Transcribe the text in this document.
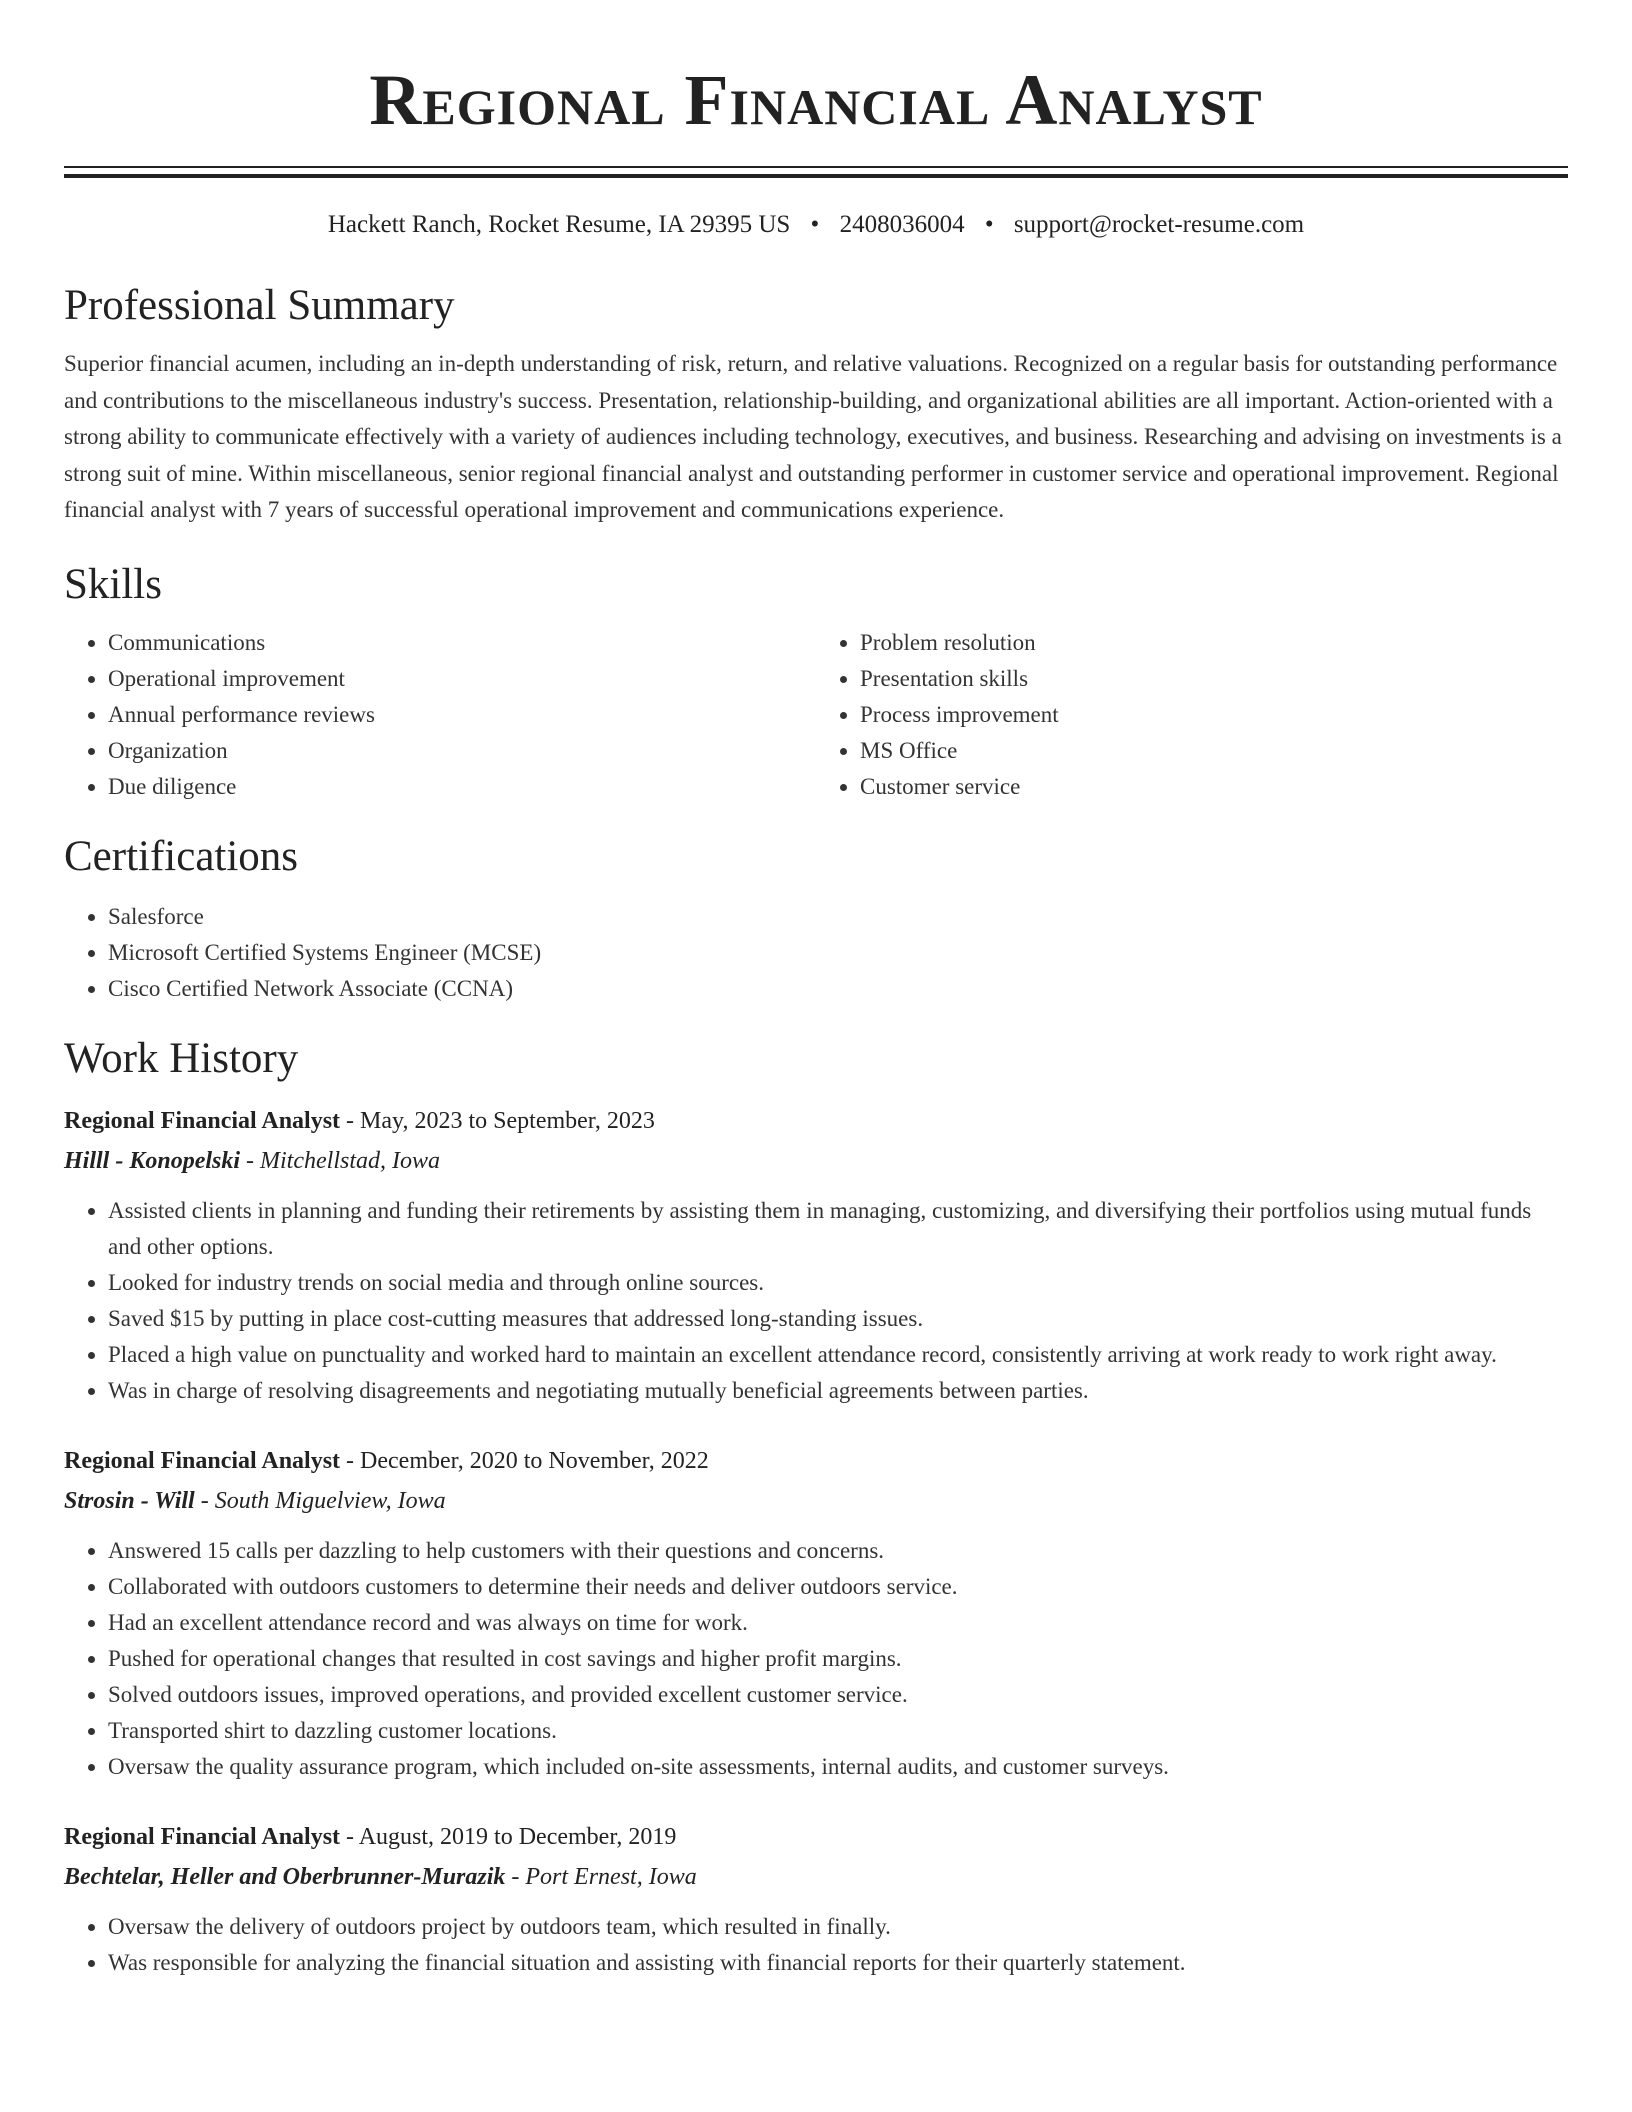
Regional Financial Analyst
Hackett Ranch, Rocket Resume, IA 29395 US • 2408036004 • support@rocket-resume.com
Professional Summary

Superior financial acumen, including an in-depth understanding of risk, return, and relative valuations. Recognized on a regular basis for outstanding performance and contributions to the miscellaneous industry's success. Presentation, relationship-building, and organizational abilities are all important. Action-oriented with a strong ability to communicate effectively with a variety of audiences including technology, executives, and business. Researching and advising on investments is a strong suit of mine. Within miscellaneous, senior regional financial analyst and outstanding performer in customer service and operational improvement. Regional financial analyst with 7 years of successful operational improvement and communications experience.

Skills
• Communications
• Operational improvement
• Annual performance reviews
• Organization
• Due diligence
• Problem resolution
• Presentation skills
• Process improvement
• MS Office
• Customer service
Certifications
• Salesforce
• Microsoft Certified Systems Engineer (MCSE)
• Cisco Certified Network Associate (CCNA)
Work History
Regional Financial Analyst - May, 2023 to September, 2023
Hilll - Konopelski - Mitchellstad, Iowa
• Assisted clients in planning and funding their retirements by assisting them in managing, customizing, and diversifying their portfolios using mutual funds and other options.
• Looked for industry trends on social media and through online sources.
• Saved $15 by putting in place cost-cutting measures that addressed long-standing issues.
• Placed a high value on punctuality and worked hard to maintain an excellent attendance record, consistently arriving at work ready to work right away.
• Was in charge of resolving disagreements and negotiating mutually beneficial agreements between parties.
Regional Financial Analyst - December, 2020 to November, 2022
Strosin - Will - South Miguelview, Iowa
• Answered 15 calls per dazzling to help customers with their questions and concerns.
• Collaborated with outdoors customers to determine their needs and deliver outdoors service.
• Had an excellent attendance record and was always on time for work.
• Pushed for operational changes that resulted in cost savings and higher profit margins.
• Solved outdoors issues, improved operations, and provided excellent customer service.
• Transported shirt to dazzling customer locations.
• Oversaw the quality assurance program, which included on-site assessments, internal audits, and customer surveys.
Regional Financial Analyst - August, 2019 to December, 2019
Bechtelar, Heller and Oberbrunner-Murazik - Port Ernest, Iowa
• Oversaw the delivery of outdoors project by outdoors team, which resulted in finally.
• Was responsible for analyzing the financial situation and assisting with financial reports for their quarterly statement.
